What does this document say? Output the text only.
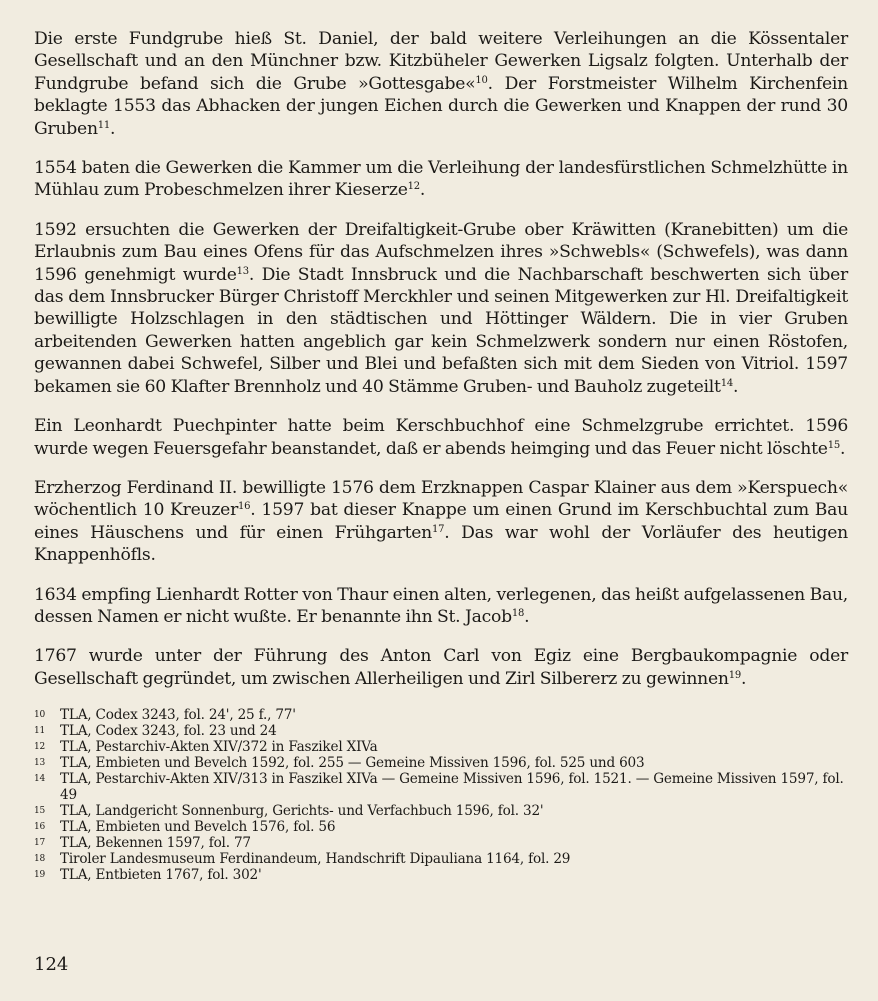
Die erste Fundgrube hieß St. Daniel, der bald weitere Verleihungen an die Kössentaler Gesellschaft und an den Münchner bzw. Kitzbüheler Gewerken Ligsalz folgten. Unterhalb der Fundgrube befand sich die Grube »Gottesgabe«$^{10}$. Der Forstmeister Wilhelm Kirchenfein beklagte 1553 das Abhacken der jungen Eichen durch die Gewerken und Knappen der rund 30 Gruben$^{11}$.

1554 baten die Gewerken die Kammer um die Verleihung der landesfürstlichen Schmelzhütte in Mühlau zum Probeschmelzen ihrer Kieserze$^{12}$.

1592 ersuchten die Gewerken der Dreifaltigkeit-Grube ober Kräwitten (Kranebitten) um die Erlaubnis zum Bau eines Ofens für das Aufschmelzen ihres »Schwebls« (Schwefels), was dann 1596 genehmigt wurde$^{13}$. Die Stadt Innsbruck und die Nachbarschaft beschwerten sich über das dem Innsbrucker Bürger Christoff Merckhler und seinen Mitgewerken zur Hl. Dreifaltigkeit bewilligte Holzschlagen in den städtischen und Höttinger Wäldern. Die in vier Gruben arbeitenden Gewerken hatten angeblich gar kein Schmelzwerk sondern nur einen Röstofen, gewannen dabei Schwefel, Silber und Blei und befaßten sich mit dem Sieden von Vitriol. 1597 bekamen sie 60 Klafter Brennholz und 40 Stämme Gruben- und Bauholz zugeteilt$^{14}$.

Ein Leonhardt Puechpinter hatte beim Kerschbuchhof eine Schmelzgrube errichtet. 1596 wurde wegen Feuersgefahr beanstandet, daß er abends heimging und das Feuer nicht löschte$^{15}$.

Erzherzog Ferdinand II. bewilligte 1576 dem Erzknappen Caspar Klainer aus dem »Kerspuech« wöchentlich 10 Kreuzer$^{16}$. 1597 bat dieser Knappe um einen Grund im Kerschbuchtal zum Bau eines Häuschens und für einen Frühgarten$^{17}$. Das war wohl der Vorläufer des heutigen Knappenhöfls.

1634 empfing Lienhardt Rotter von Thaur einen alten, verlegenen, das heißt aufgelassenen Bau, dessen Namen er nicht wußte. Er benannte ihn St. Jacob$^{18}$.

1767 wurde unter der Führung des Anton Carl von Egiz eine Bergbaukompagnie oder Gesellschaft gegründet, um zwischen Allerheiligen und Zirl Silbererz zu gewinnen$^{19}$.

10	TLA, Codex 3243, fol. 24', 25 f., 77'
11	TLA, Codex 3243, fol. 23 und 24
12	TLA, Pestarchiv-Akten XIV/372 in Faszikel XIVa
13	TLA, Embieten und Bevelch 1592, fol. 255 — Gemeine Missiven 1596, fol. 525 und 603
14	TLA, Pestarchiv-Akten XIV/313 in Faszikel XIVa — Gemeine Missiven 1596, fol. 1521. — Gemeine Missiven 1597, fol. 49
15	TLA, Landgericht Sonnenburg, Gerichts- und Verfachbuch 1596, fol. 32'
16	TLA, Embieten und Bevelch 1576, fol. 56
17	TLA, Bekennen 1597, fol. 77
18	Tiroler Landesmuseum Ferdinandeum, Handschrift Dipauliana 1164, fol. 29
19	TLA, Entbieten 1767, fol. 302'
124
